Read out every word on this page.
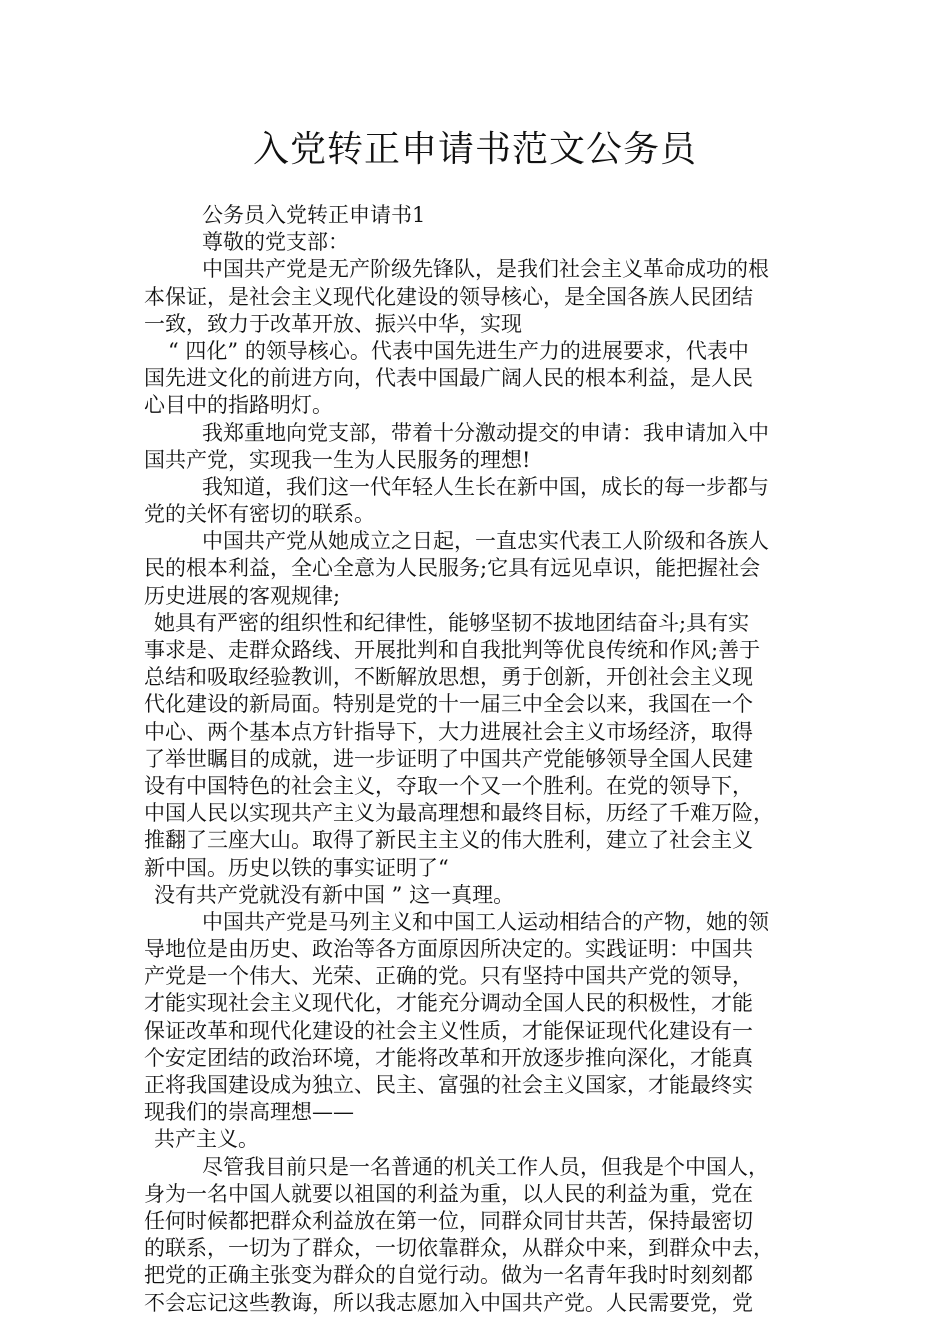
入党转正申请书范文公务员
公务员入党转正申请书1
尊敬的党支部：
中国共产党是无产阶级先锋队，是我们社会主义革命成功的根
本保证，是社会主义现代化建设的领导核心，是全国各族人民团结
一致，致力于改革开放、振兴中华，实现
“ 四化” 的领导核心。代表中国先进生产力的进展要求，代表中
国先进文化的前进方向，代表中国最广阔人民的根本利益，是人民
心目中的指路明灯。
我郑重地向党支部，带着十分激动提交的申请：我申请加入中
国共产党，实现我一生为人民服务的理想!
我知道，我们这一代年轻人生长在新中国，成长的每一步都与
党的关怀有密切的联系。
中国共产党从她成立之日起，一直忠实代表工人阶级和各族人
民的根本利益，全心全意为人民服务;它具有远见卓识，能把握社会
历史进展的客观规律;
她具有严密的组织性和纪律性，能够坚韧不拔地团结奋斗;具有实
事求是、走群众路线、开展批判和自我批判等优良传统和作风;善于
总结和吸取经验教训，不断解放思想，勇于创新，开创社会主义现
代化建设的新局面。特别是党的十一届三中全会以来，我国在一个
中心、两个基本点方针指导下，大力进展社会主义市场经济，取得
了举世瞩目的成就，进一步证明了中国共产党能够领导全国人民建
设有中国特色的社会主义，夺取一个又一个胜利。在党的领导下，
中国人民以实现共产主义为最高理想和最终目标，历经了千难万险，
推翻了三座大山。取得了新民主主义的伟大胜利，建立了社会主义
新中国。历史以铁的事实证明了“
没有共产党就没有新中国 ” 这一真理。
中国共产党是马列主义和中国工人运动相结合的产物，她的领
导地位是由历史、政治等各方面原因所决定的。实践证明：中国共
产党是一个伟大、光荣、正确的党。只有坚持中国共产党的领导，
才能实现社会主义现代化，才能充分调动全国人民的积极性，才能
保证改革和现代化建设的社会主义性质，才能保证现代化建设有一
个安定团结的政治环境，才能将改革和开放逐步推向深化，才能真
正将我国建设成为独立、民主、富强的社会主义国家，才能最终实
现我们的崇高理想——
共产主义。
尽管我目前只是一名普通的机关工作人员，但我是个中国人，
身为一名中国人就要以祖国的利益为重，以人民的利益为重，党在
任何时候都把群众利益放在第一位，同群众同甘共苦，保持最密切
的联系，一切为了群众，一切依靠群众，从群众中来，到群众中去，
把党的正确主张变为群众的自觉行动。做为一名青年我时时刻刻都
不会忘记这些教诲，所以我志愿加入中国共产党。人民需要党，党
